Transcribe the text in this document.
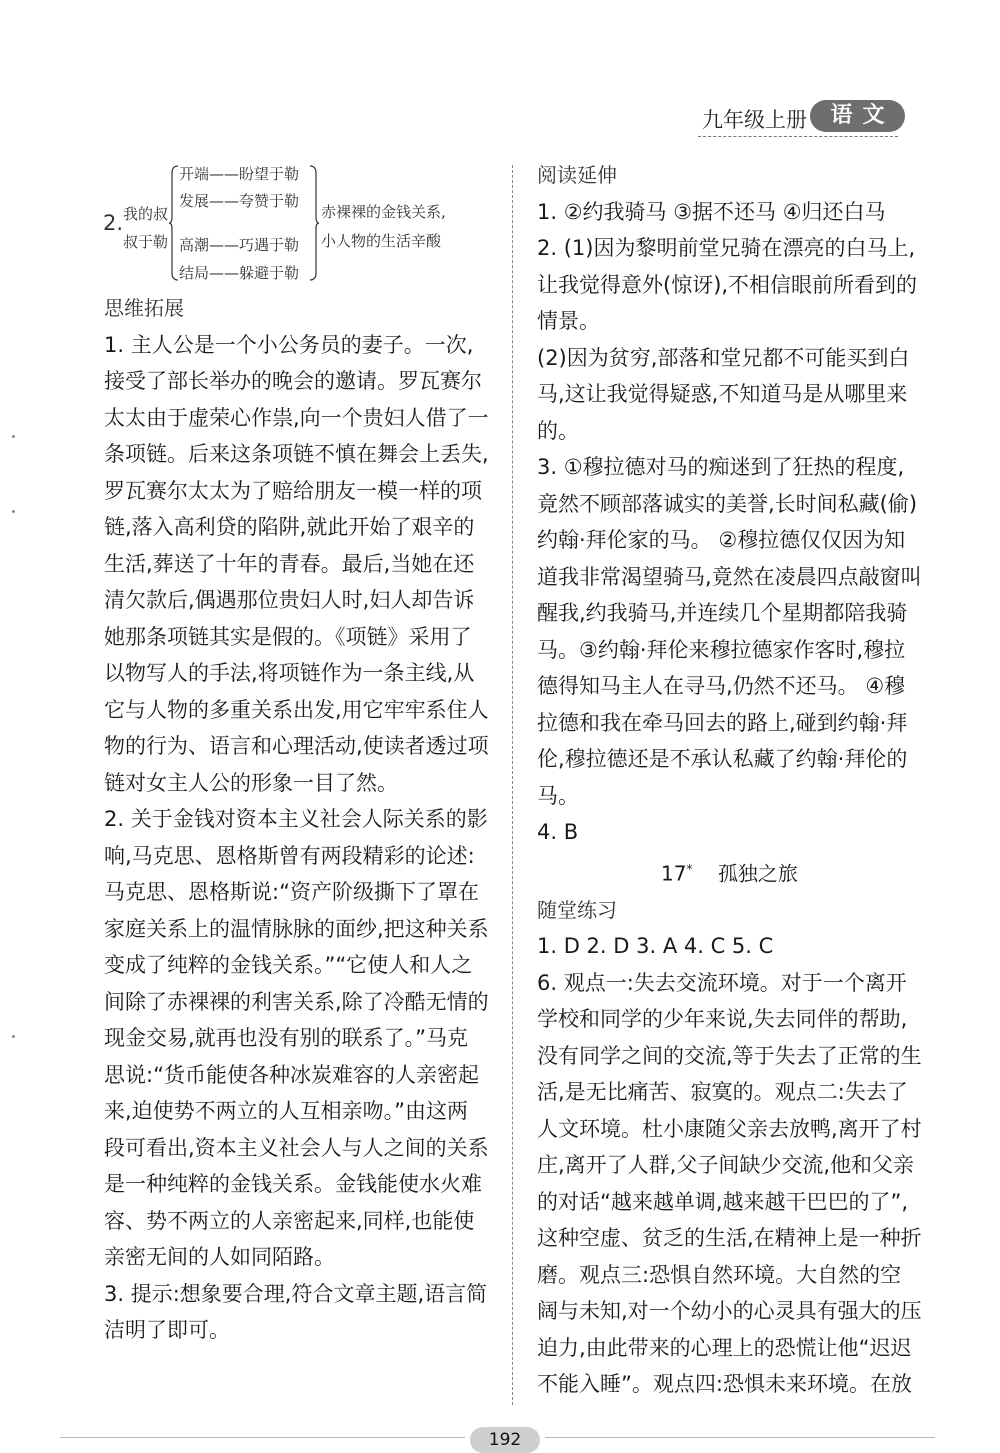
九年级上册	语文
2. 我的叔
叔于勒
开端——盼望于勒
发展——夸赞于勒
高潮——巧遇于勒
结局——躲避于勒
赤裸裸的金钱关系,
小人物的生活辛酸

思维拓展

1. 主人公是一个小公务员的妻子。一次,接受了部长举办的晚会的邀请。罗瓦赛尔太太由于虚荣心作祟,向一个贵妇人借了一条项链。后来这条项链不慎在舞会上丢失,罗瓦赛尔太太为了赔给朋友一模一样的项链,落入高利贷的陷阱,就此开始了艰辛的生活,葬送了十年的青春。最后,当她在还清欠款后,偶遇那位贵妇人时,妇人却告诉她那条项链其实是假的。《项链》采用了以物写人的手法,将项链作为一条主线,从它与人物的多重关系出发,用它牢牢系住人物的行为、语言和心理活动,使读者透过项链对女主人公的形象一目了然。

2. 关于金钱对资本主义社会人际关系的影响,马克思、恩格斯曾有两段精彩的论述:马克思、恩格斯说:“资产阶级撕下了罩在家庭关系上的温情脉脉的面纱,把这种关系变成了纯粹的金钱关系。”“它使人和人之间除了赤裸裸的利害关系,除了冷酷无情的现金交易,就再也没有别的联系了。”马克思说:“货币能使各种冰炭难容的人亲密起来,迫使势不两立的人互相亲吻。”由这两段可看出,资本主义社会人与人之间的关系是一种纯粹的金钱关系。金钱能使水火难容、势不两立的人亲密起来,同样,也能使亲密无间的人如同陌路。

3. 提示:想象要合理,符合文章主题,语言简洁明了即可。

阅读延伸

1. ②约我骑马 ③据不还马 ④归还白马

2. (1)因为黎明前堂兄骑在漂亮的白马上,让我觉得意外(惊讶),不相信眼前所看到的情景。

(2)因为贫穷,部落和堂兄都不可能买到白马,这让我觉得疑惑,不知道马是从哪里来的。

3. ①穆拉德对马的痴迷到了狂热的程度,竟然不顾部落诚实的美誉,长时间私藏(偷)约翰·拜伦家的马。 ②穆拉德仅仅因为知道我非常渴望骑马,竟然在凌晨四点敲窗叫醒我,约我骑马,并连续几个星期都陪我骑马。③约翰·拜伦来穆拉德家作客时,穆拉德得知马主人在寻马,仍然不还马。 ④穆拉德和我在牵马回去的路上,碰到约翰·拜伦,穆拉德还是不承认私藏了约翰·拜伦的马。

4. B

17* 孤独之旅

随堂练习

1. D 2. D 3. A 4. C 5. C

6. 观点一:失去交流环境。对于一个离开学校和同学的少年来说,失去同伴的帮助,没有同学之间的交流,等于失去了正常的生活,是无比痛苦、寂寞的。观点二:失去了人文环境。杜小康随父亲去放鸭,离开了村庄,离开了人群,父子间缺少交流,他和父亲的对话“越来越单调,越来越干巴巴的了”,这种空虚、贫乏的生活,在精神上是一种折磨。观点三:恐惧自然环境。大自然的空阔与未知,对一个幼小的心灵具有强大的压迫力,由此带来的心理上的恐慌让他“迟迟不能入睡”。观点四:恐惧未来环境。在放

192
